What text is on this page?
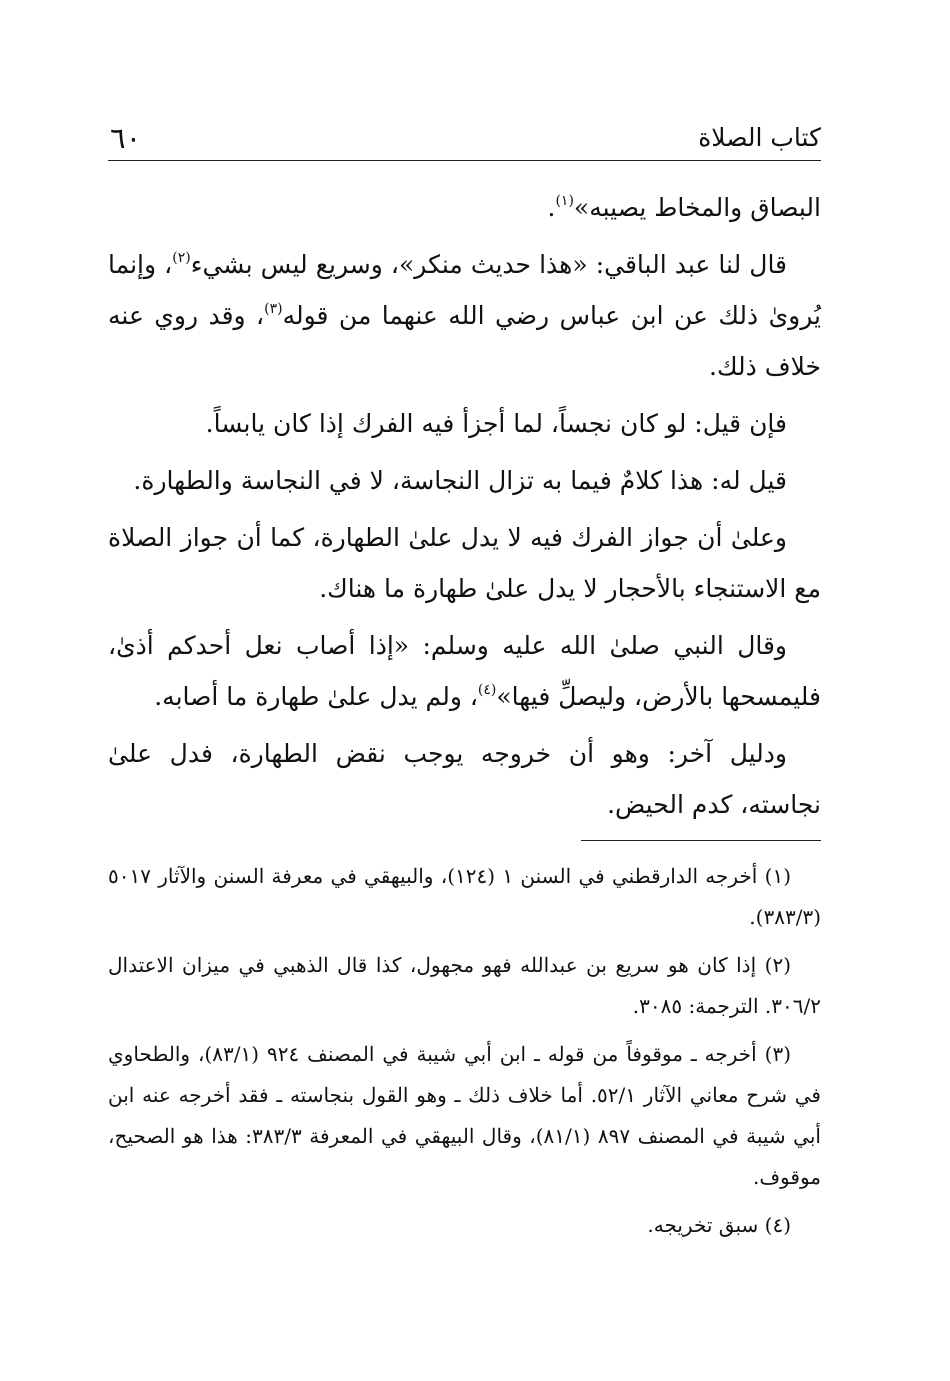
٦٠	كتاب الصلاة

البصاق والمخاط يصيبه»$^{(١)}$.

قال لنا عبد الباقي: «هذا حديث منكر»، وسريع ليس بشيء$^{(٢)}$، وإنما يُروىٰ ذلك عن ابن عباس رضي الله عنهما من قوله$^{(٣)}$، وقد روي عنه خلاف ذلك.

فإن قيل: لو كان نجساً، لما أجزأ فيه الفرك إذا كان يابساً.

قيل له: هذا كلامٌ فيما به تزال النجاسة، لا في النجاسة والطهارة.

وعلىٰ أن جواز الفرك فيه لا يدل علىٰ الطهارة، كما أن جواز الصلاة مع الاستنجاء بالأحجار لا يدل علىٰ طهارة ما هناك.

وقال النبي صلىٰ الله عليه وسلم: «إذا أصاب نعل أحدكم أذىٰ، فليمسحها بالأرض، وليصلِّ فيها»$^{(٤)}$، ولم يدل علىٰ طهارة ما أصابه.

ودليل آخر: وهو أن خروجه يوجب نقض الطهارة، فدل علىٰ نجاسته، كدم الحيض.

(١) أخرجه الدارقطني في السنن ١ (١٢٤)، والبيهقي في معرفة السنن والآثار ٥٠١٧ (٣٨٣/٣).

(٢) إذا كان هو سريع بن عبدالله فهو مجهول، كذا قال الذهبي في ميزان الاعتدال ٣٠٦/٢. الترجمة: ٣٠٨٥.

(٣) أخرجه ـ موقوفاً من قوله ـ ابن أبي شيبة في المصنف ٩٢٤ (٨٣/١)، والطحاوي في شرح معاني الآثار ٥٢/١. أما خلاف ذلك ـ وهو القول بنجاسته ـ فقد أخرجه عنه ابن أبي شيبة في المصنف ٨٩٧ (٨١/١)، وقال البيهقي في المعرفة ٣٨٣/٣: هذا هو الصحيح، موقوف.

(٤) سبق تخريجه.
